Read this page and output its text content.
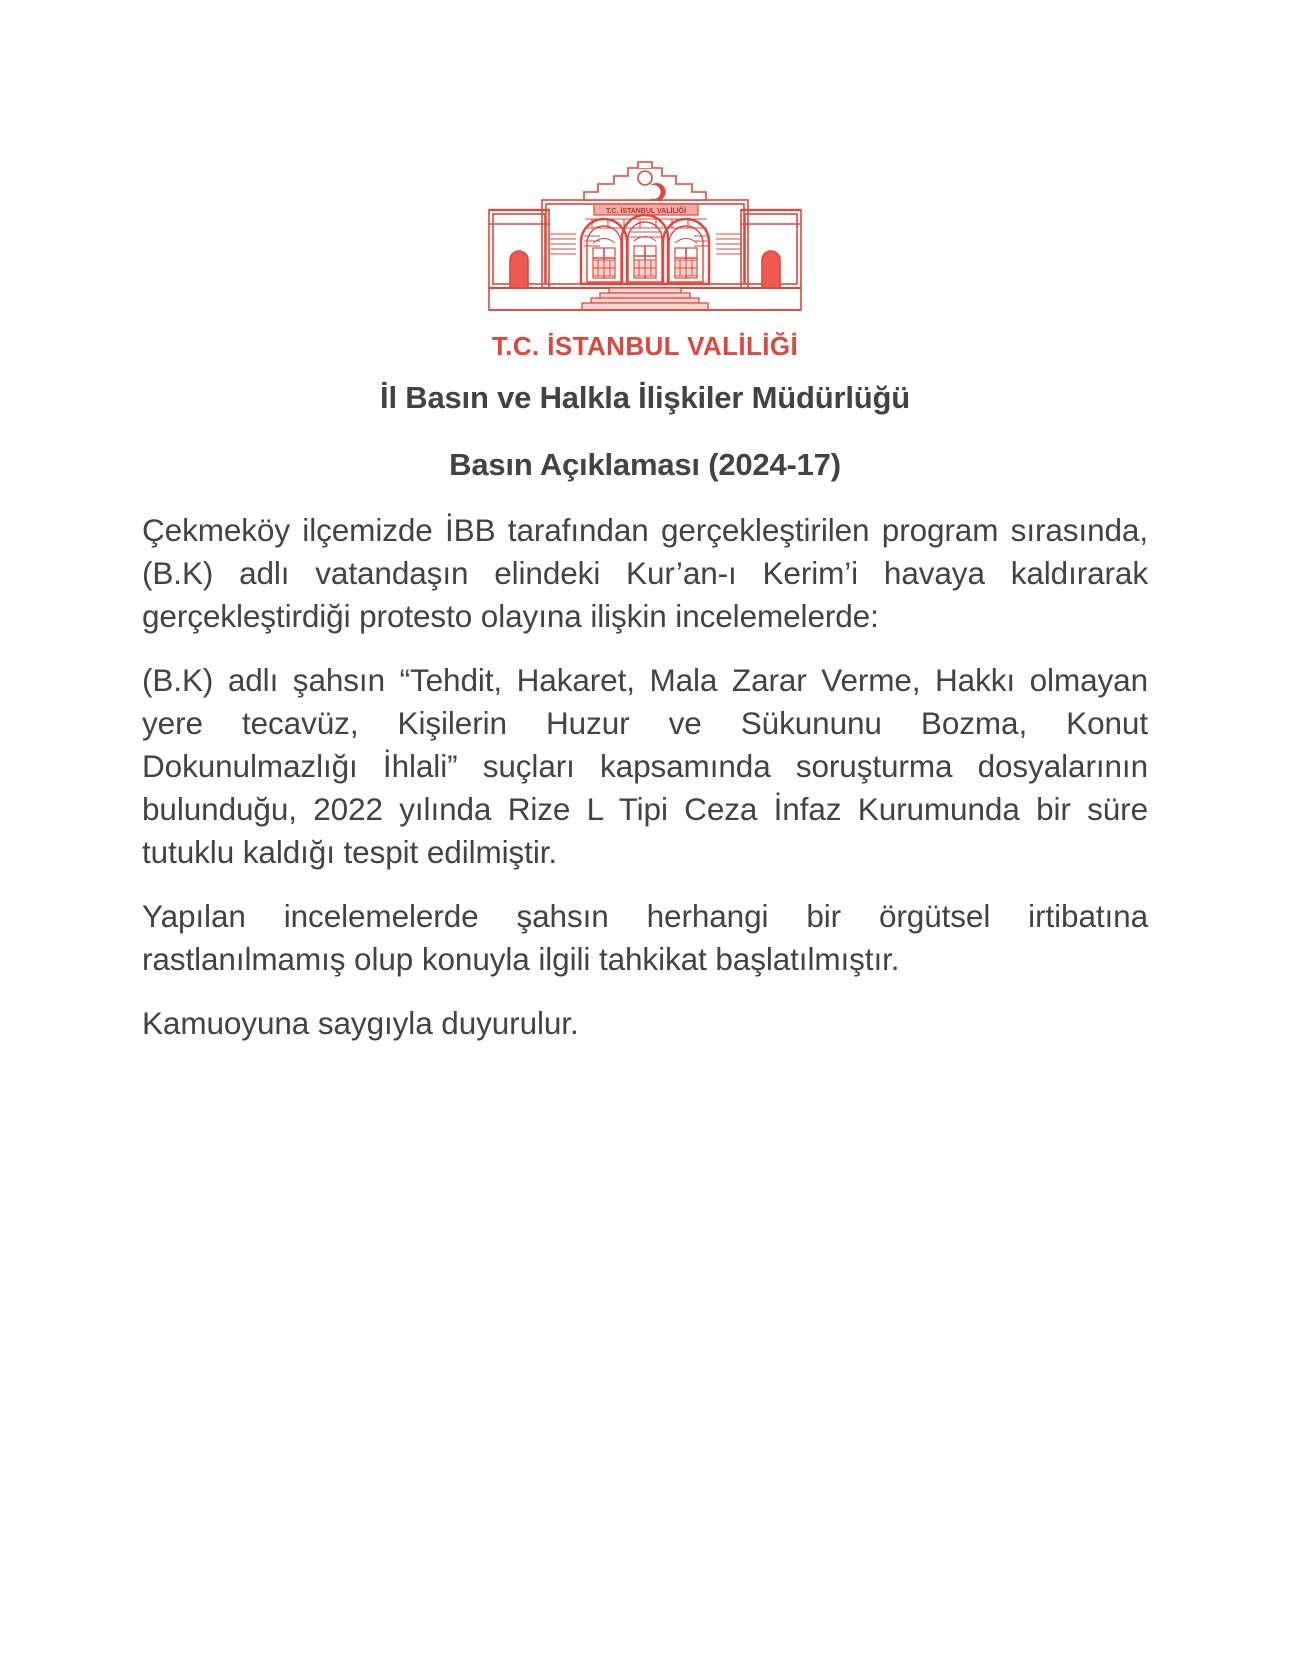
T.C. İSTANBUL VALİLİĞİ
T.C. İSTANBUL VALİLİĞİ
İl Basın ve Halkla İlişkiler Müdürlüğü
Basın Açıklaması (2024-17)

Çekmeköy ilçemizde İBB tarafından gerçekleştirilen program sırasında, (B.K) adlı vatandaşın elindeki Kur’an-ı Kerim’i havaya kaldırarak gerçekleştirdiği protesto olayına ilişkin incelemelerde:

(B.K) adlı şahsın “Tehdit, Hakaret, Mala Zarar Verme, Hakkı olmayan yere tecavüz, Kişilerin Huzur ve Sükununu Bozma, Konut Dokunulmazlığı İhlali” suçları kapsamında soruşturma dosyalarının bulunduğu, 2022 yılında Rize L Tipi Ceza İnfaz Kurumunda bir süre tutuklu kaldığı tespit edilmiştir.

Yapılan incelemelerde şahsın herhangi bir örgütsel irtibatına rastlanılmamış olup konuyla ilgili tahkikat başlatılmıştır.

Kamuoyuna saygıyla duyurulur.
